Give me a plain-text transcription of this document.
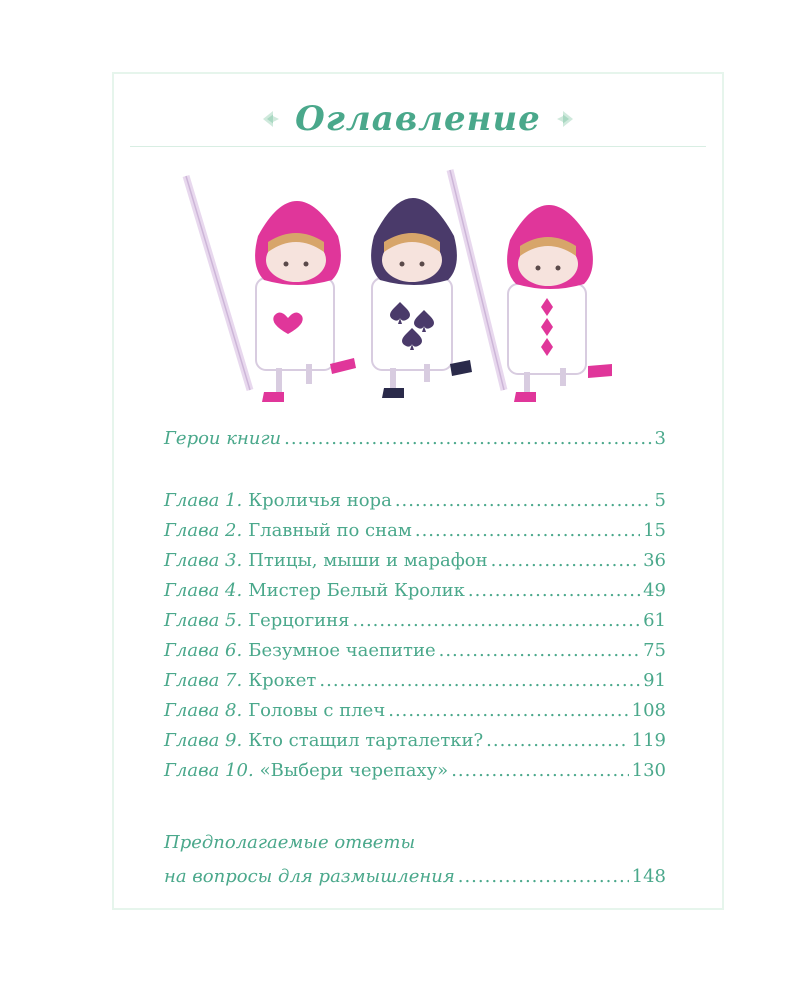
Оглавление
Герои книги .....	3
Глава 1. Кроличья нора .....	5
Глава 2. Главный по снам .....	15
Глава 3. Птицы, мыши и марафон .....	36
Глава 4. Мистер Белый Кролик .....	49
Глава 5. Герцогиня .....	61
Глава 6. Безумное чаепитие .....	75
Глава 7. Крокет .....	91
Глава 8. Головы с плеч .....	108
Глава 9. Кто стащил тарталетки? .....	119
Глава 10. «Выбери черепаху» .....	130
Предполагаемые ответы
на вопросы для размышления .....	148
